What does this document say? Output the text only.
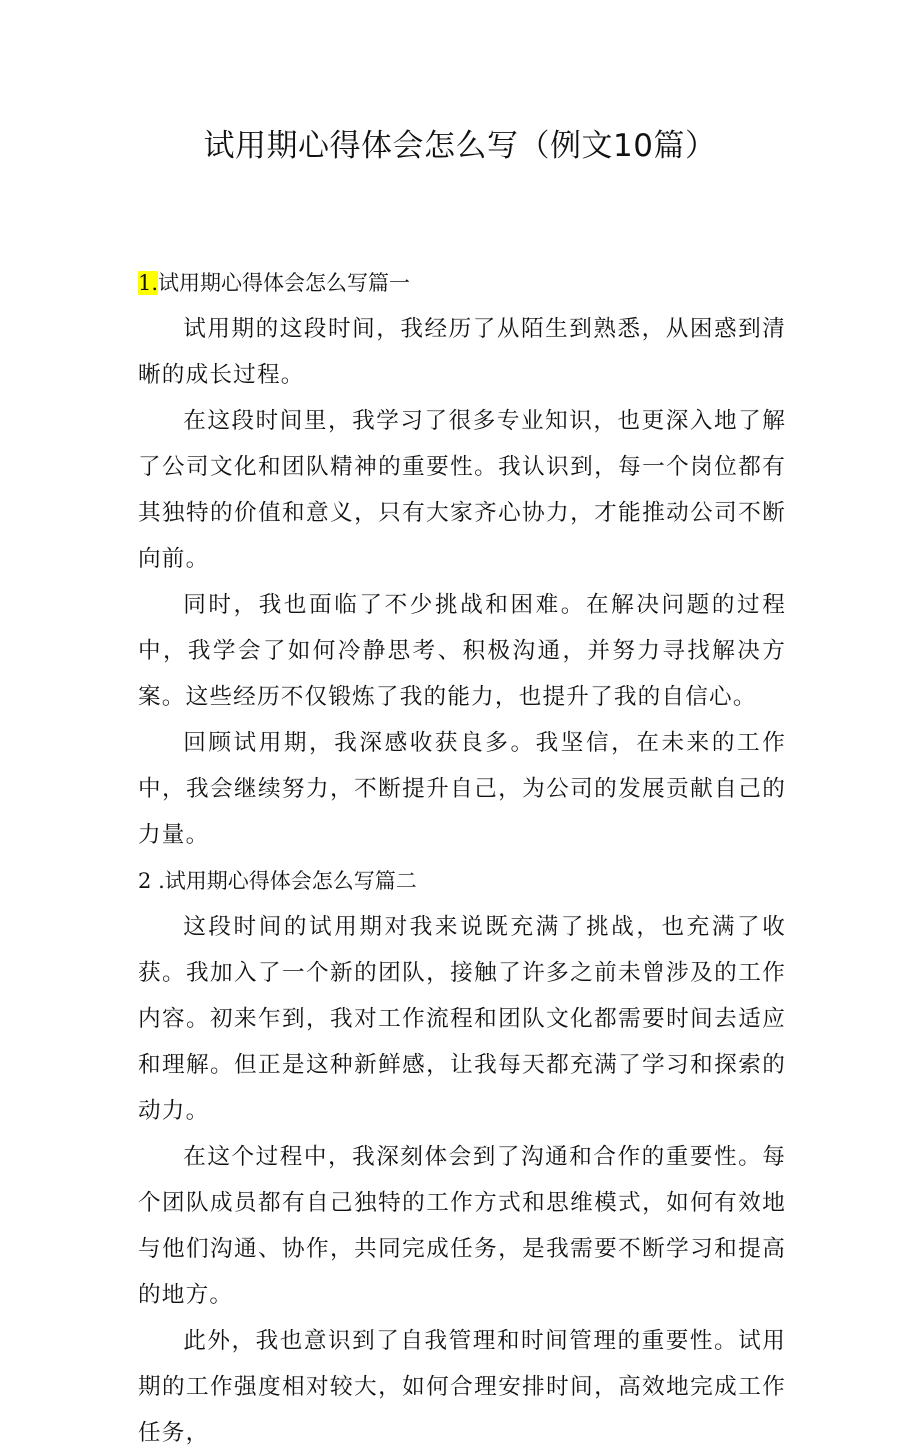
试用期心得体会怎么写（例文10篇）

1.试用期心得体会怎么写篇一

试用期的这段时间，我经历了从陌生到熟悉，从困惑到清晰的成长过程。

在这段时间里，我学习了很多专业知识，也更深入地了解了公司文化和团队精神的重要性。我认识到，每一个岗位都有其独特的价值和意义，只有大家齐心协力，才能推动公司不断向前。

同时，我也面临了不少挑战和困难。在解决问题的过程中，我学会了如何冷静思考、积极沟通，并努力寻找解决方案。这些经历不仅锻炼了我的能力，也提升了我的自信心。

回顾试用期，我深感收获良多。我坚信，在未来的工作中，我会继续努力，不断提升自己，为公司的发展贡献自己的力量。

2 .试用期心得体会怎么写篇二

这段时间的试用期对我来说既充满了挑战，也充满了收获。我加入了一个新的团队，接触了许多之前未曾涉及的工作内容。初来乍到，我对工作流程和团队文化都需要时间去适应和理解。但正是这种新鲜感，让我每天都充满了学习和探索的动力。

在这个过程中，我深刻体会到了沟通和合作的重要性。每个团队成员都有自己独特的工作方式和思维模式，如何有效地与他们沟通、协作，共同完成任务，是我需要不断学习和提高的地方。

此外，我也意识到了自我管理和时间管理的重要性。试用期的工作强度相对较大，如何合理安排时间，高效地完成工作任务，
